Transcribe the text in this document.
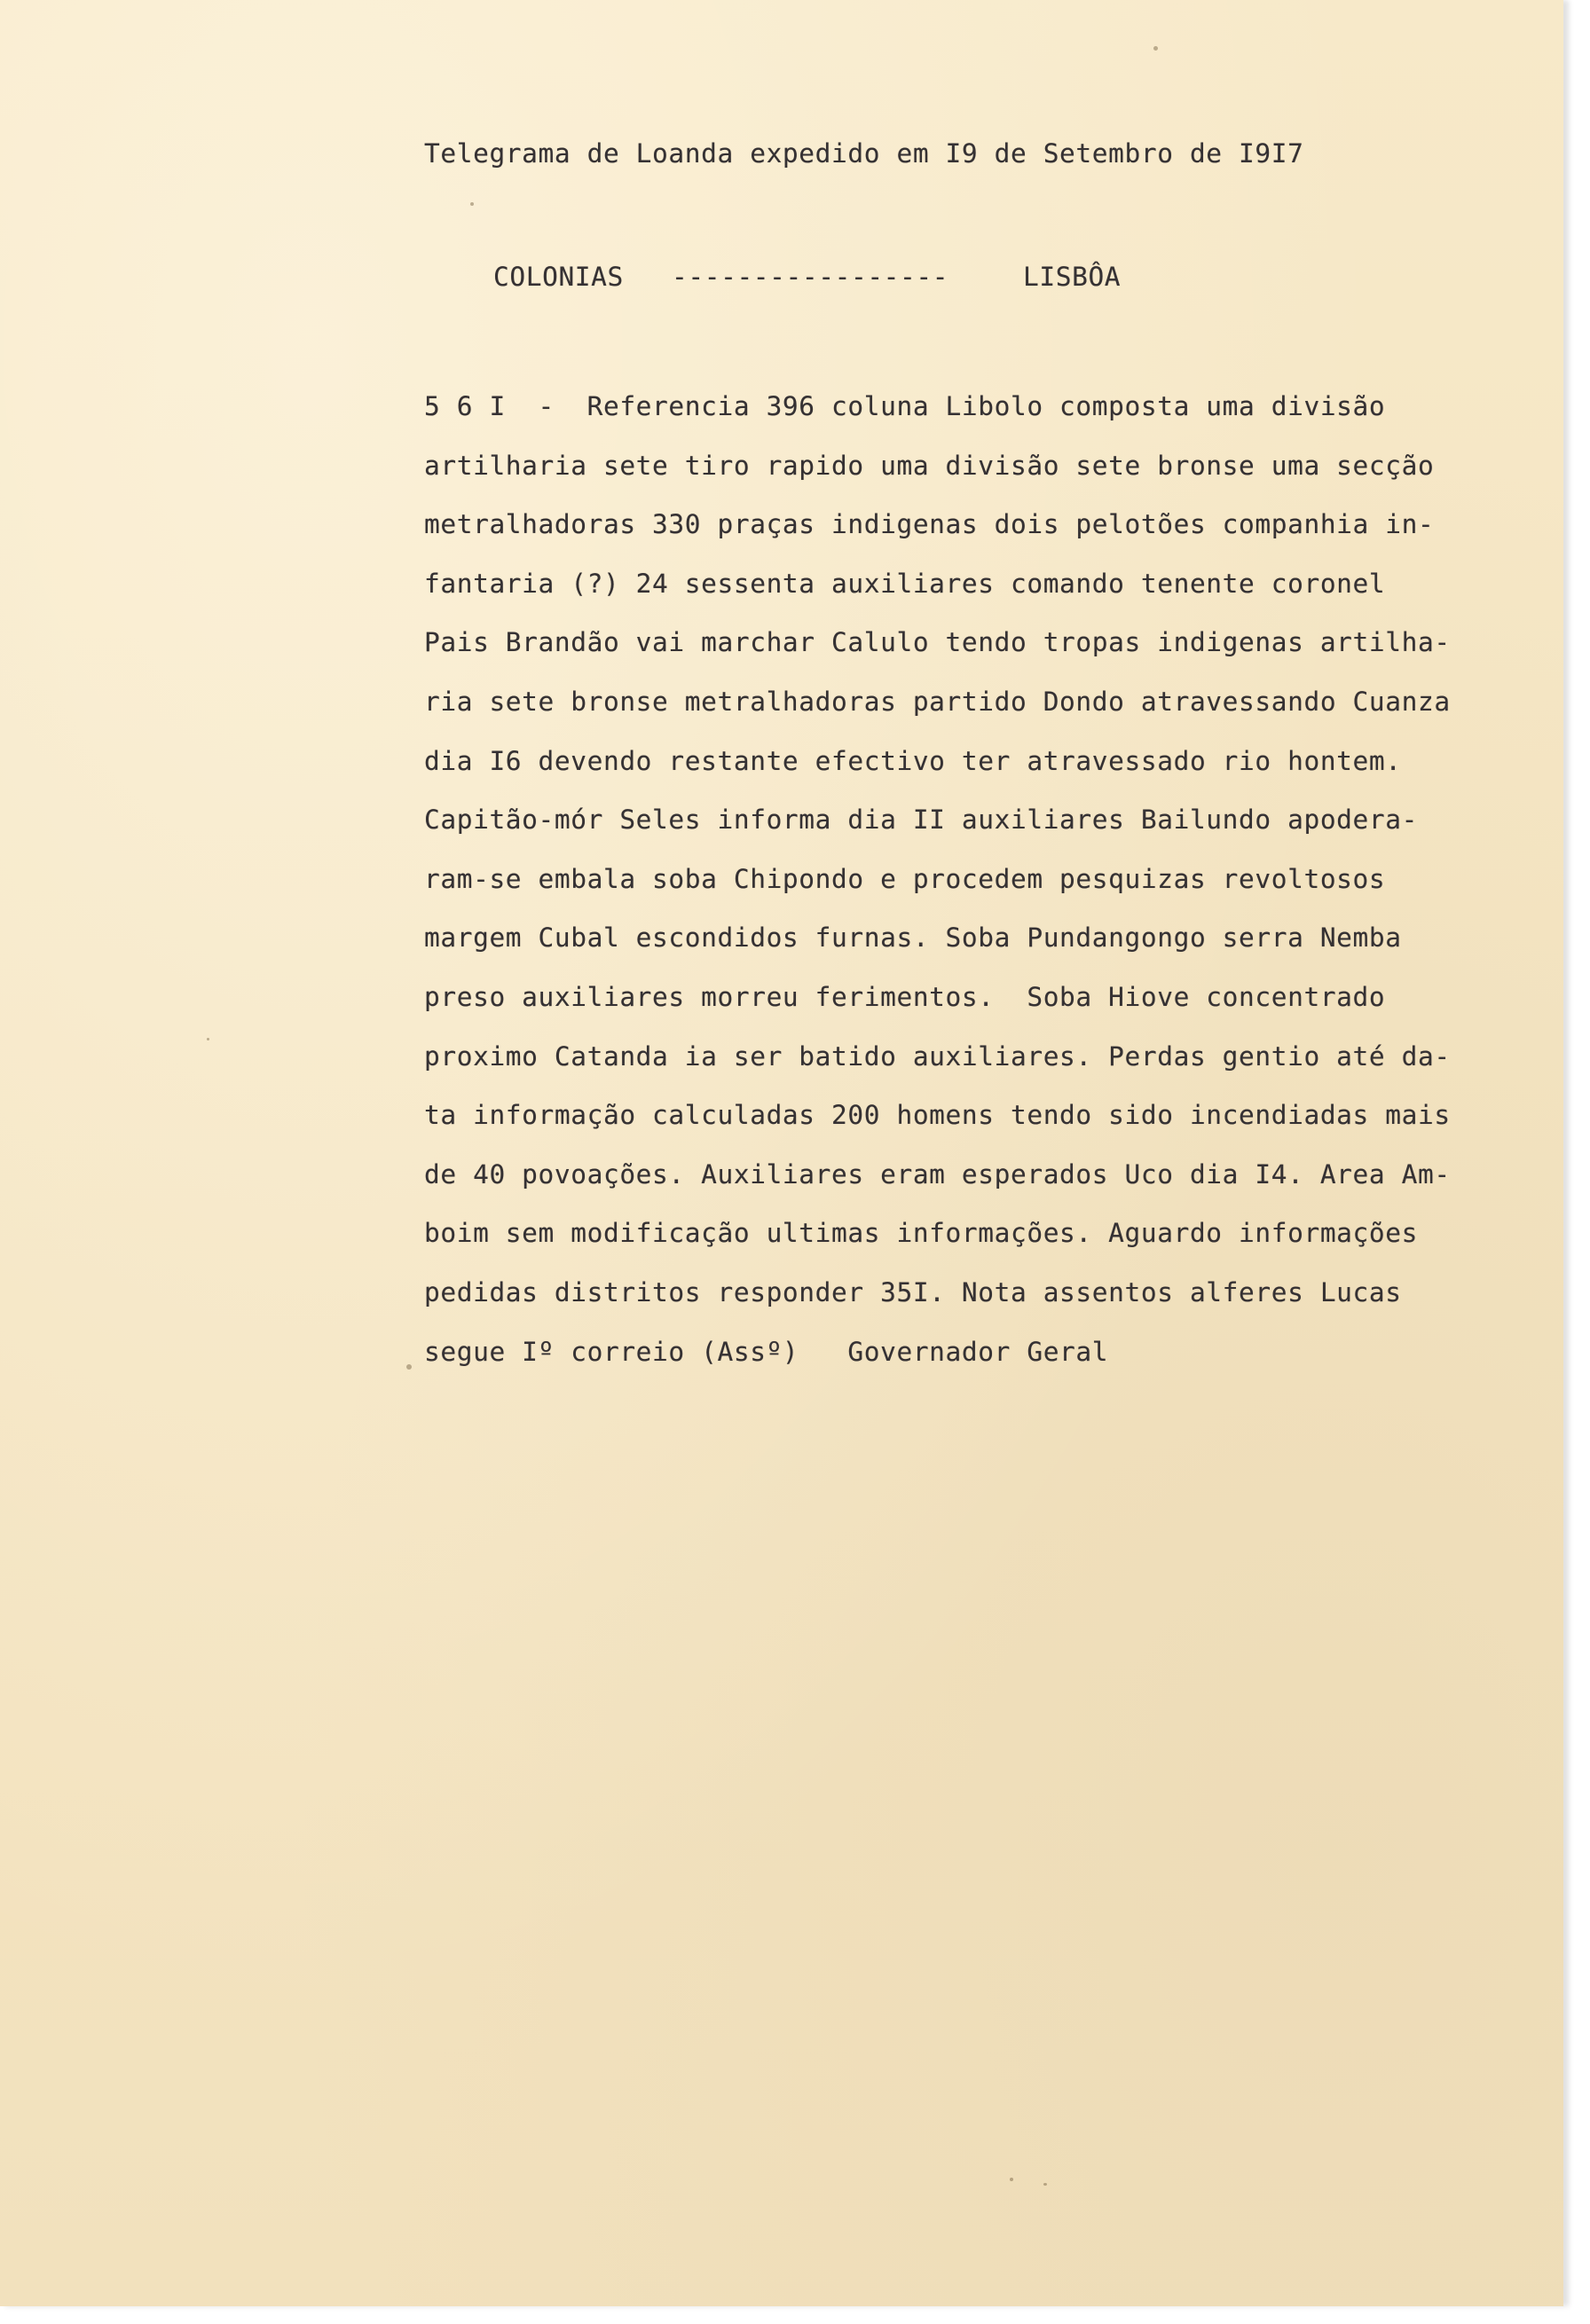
Telegrama de Loanda expedido em I9 de Setembro de I9I7
COLONIAS -----------------	LISBÔA
5 6 I  -  Referencia 396 coluna Libolo composta uma divisão
artilharia sete tiro rapido uma divisão sete bronse uma secção
metralhadoras 330 praças indigenas dois pelotões companhia in-
fantaria (?) 24 sessenta auxiliares comando tenente coronel
Pais Brandão vai marchar Calulo tendo tropas indigenas artilha-
ria sete bronse metralhadoras partido Dondo atravessando Cuanza
dia I6 devendo restante efectivo ter atravessado rio hontem.
Capitão-mór Seles informa dia II auxiliares Bailundo apodera-
ram-se embala soba Chipondo e procedem pesquizas revoltosos
margem Cubal escondidos furnas. Soba Pundangongo serra Nemba
preso auxiliares morreu ferimentos.  Soba Hiove concentrado
proximo Catanda ia ser batido auxiliares. Perdas gentio até da-
ta informação calculadas 200 homens tendo sido incendiadas mais
de 40 povoações. Auxiliares eram esperados Uco dia I4. Area Am-
boim sem modificação ultimas informações. Aguardo informações
pedidas distritos responder 35I. Nota assentos alferes Lucas
segue Iº correio (Assº)   Governador Geral
